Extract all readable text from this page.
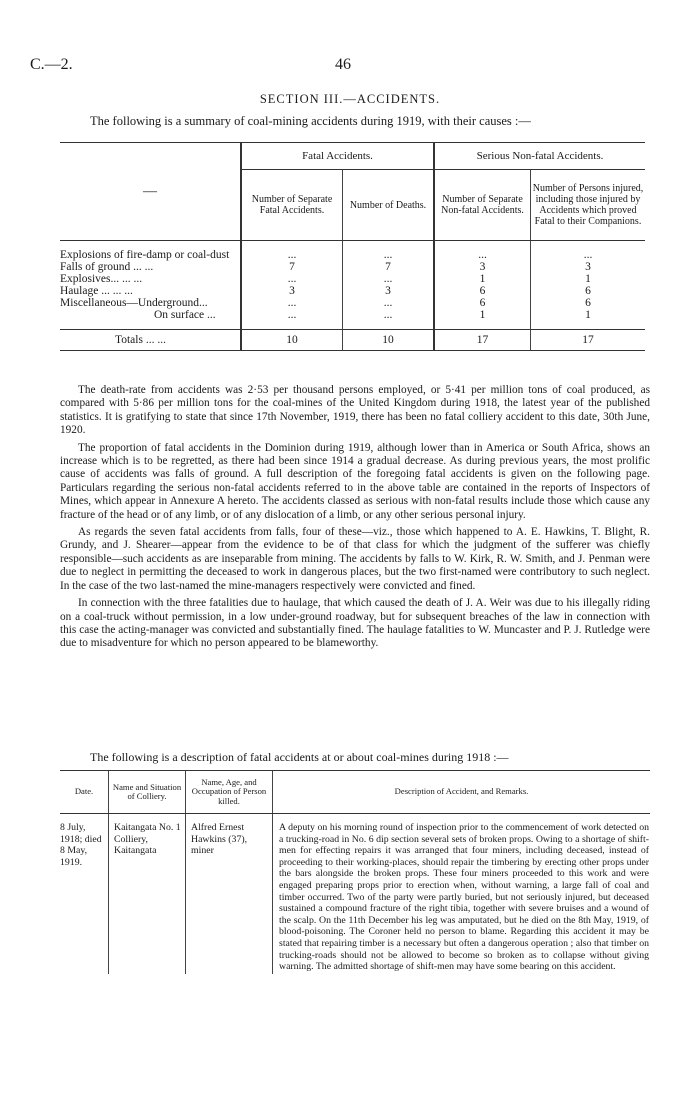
C.—2.	46
SECTION III.—ACCIDENTS.
The following is a summary of coal-mining accidents during 1919, with their causes :—
—	Fatal Accidents.		Serious Non-fatal Accidents.	
	Number of Separate Fatal Accidents.	Number of Deaths.	Number of Separate Non-fatal Accidents.	Number of Persons injured, including those injured by Accidents which proved Fatal to their Companions.

Explosions of fire-damp or coal-dust	...	...	...	...
Falls of ground ... ...	7	7	3	3
Explosives... ... ...	...	...	1	1
Haulage ... ... ...	3	3	6	6
Miscellaneous—Underground...	...	...	6	6
On surface ...	...	...	1	1

Totals ... ...	10	10	17	17

The death-rate from accidents was 2·53 per thousand persons employed, or 5·41 per million tons of coal produced, as compared with 5·86 per million tons for the coal-mines of the United Kingdom during 1918, the latest year of the published statistics. It is gratifying to state that since 17th November, 1919, there has been no fatal colliery accident to this date, 30th June, 1920.

The proportion of fatal accidents in the Dominion during 1919, although lower than in America or South Africa, shows an increase which is to be regretted, as there had been since 1914 a gradual decrease. As during previous years, the most prolific cause of accidents was falls of ground. A full description of the foregoing fatal accidents is given on the following page. Particulars regarding the serious non-fatal accidents referred to in the above table are contained in the reports of Inspectors of Mines, which appear in Annexure A hereto. The accidents classed as serious with non-fatal results include those which cause any fracture of the head or of any limb, or of any dislocation of a limb, or any other serious personal injury.

As regards the seven fatal accidents from falls, four of these—viz., those which happened to A. E. Hawkins, T. Blight, R. Grundy, and J. Shearer—appear from the evidence to be of that class for which the judgment of the sufferer was chiefly responsible—such accidents as are inseparable from mining. The accidents by falls to W. Kirk, R. W. Smith, and J. Penman were due to neglect in permitting the deceased to work in dangerous places, but the two first-named were contributory to such neglect. In the case of the two last-named the mine-managers respectively were convicted and fined.

In connection with the three fatalities due to haulage, that which caused the death of J. A. Weir was due to his illegally riding on a coal-truck without permission, in a low under-ground roadway, but for subsequent breaches of the law in connection with this case the acting-manager was convicted and substantially fined. The haulage fatalities to W. Muncaster and P. J. Rutledge were due to misadventure for which no person appeared to be blameworthy.

The following is a description of fatal accidents at or about coal-mines during 1918 :—
Date.	Name and Situation of Colliery.	Name, Age, and Occupation of Person killed.	Description of Accident, and Remarks.
8 July, 1918; died 8 May, 1919.	Kaitangata No. 1 Colliery, Kaitangata	Alfred Ernest Hawkins (37), miner	A deputy on his morning round of inspection prior to the commencement of work detected on a trucking-road in No. 6 dip section several sets of broken props. Owing to a shortage of shift-men for effecting repairs it was arranged that four miners, including deceased, instead of proceeding to their working-places, should repair the timbering by erecting other props under the bars alongside the broken props. These four miners proceeded to this work and were engaged preparing props prior to erection when, without warning, a large fall of coal and timber occurred. Two of the party were partly buried, but not seriously injured, but deceased sustained a compound fracture of the right tibia, together with severe bruises and a wound of the scalp. On the 11th December his leg was amputated, but he died on the 8th May, 1919, of blood-poisoning. The Coroner held no person to blame. Regarding this accident it may be stated that repairing timber is a necessary but often a dangerous operation ; also that timber on trucking-roads should not be allowed to become so broken as to collapse without giving warning. The admitted shortage of shift-men may have some bearing on this accident.
